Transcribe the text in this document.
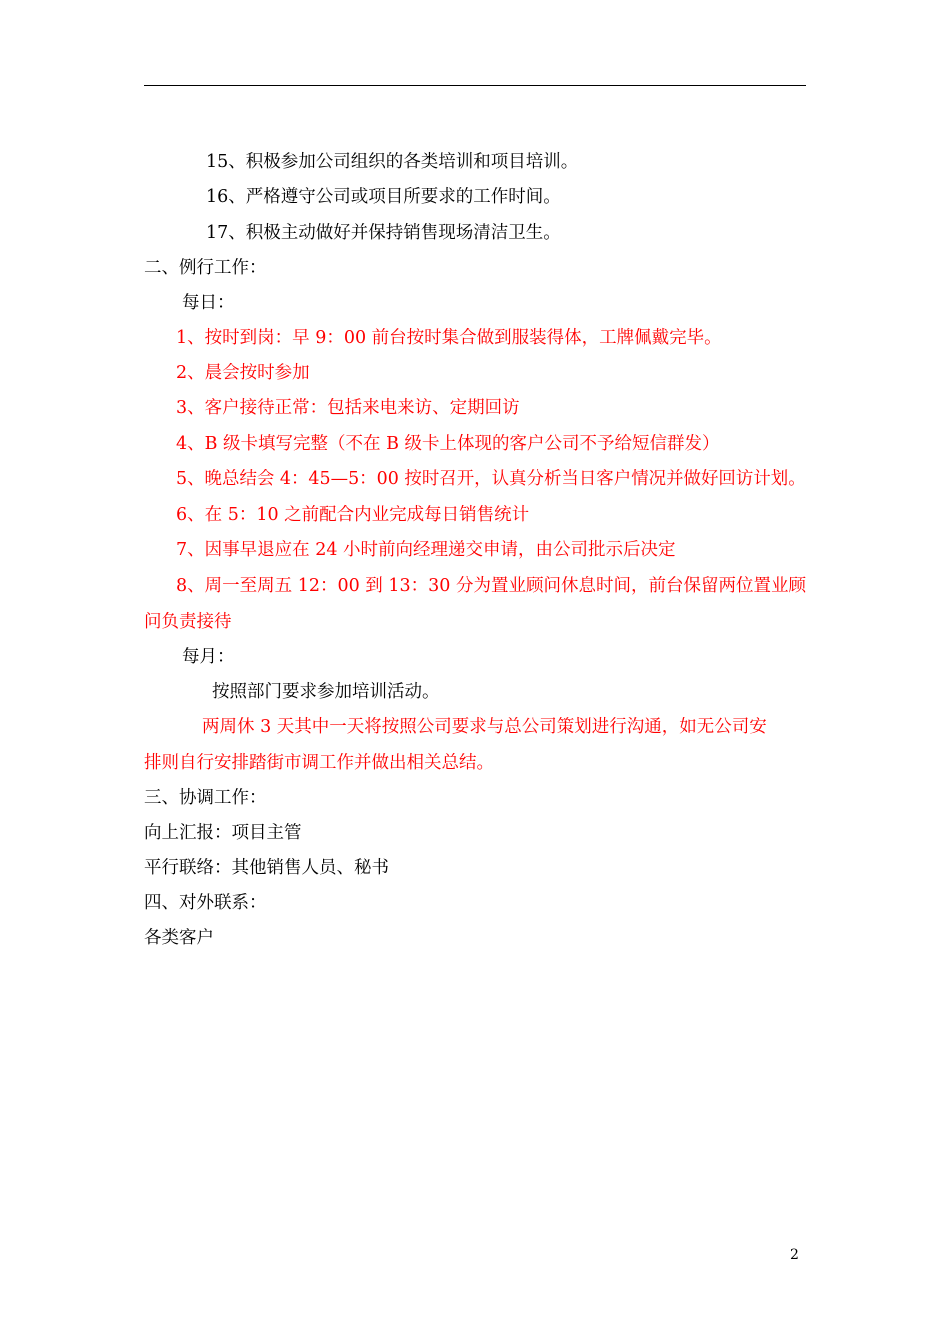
15、积极参加公司组织的各类培训和项目培训。
16、严格遵守公司或项目所要求的工作时间。
17、积极主动做好并保持销售现场清洁卫生。
二、例行工作：
每日：
1、按时到岗：早 9：00 前台按时集合做到服装得体，工牌佩戴完毕。
2、晨会按时参加
3、客户接待正常：包括来电来访、定期回访
4、B 级卡填写完整（不在 B 级卡上体现的客户公司不予给短信群发）
5、晚总结会 4：45—5：00 按时召开，认真分析当日客户情况并做好回访计划。
6、在 5：10 之前配合内业完成每日销售统计
7、因事早退应在 24 小时前向经理递交申请，由公司批示后决定
8、周一至周五 12：00 到 13：30 分为置业顾问休息时间，前台保留两位置业顾
问负责接待
每月：
按照部门要求参加培训活动。
两周休 3 天其中一天将按照公司要求与总公司策划进行沟通，如无公司安
排则自行安排踏街市调工作并做出相关总结。
三、协调工作：
向上汇报：项目主管
平行联络：其他销售人员、秘书
四、对外联系：
各类客户
2
